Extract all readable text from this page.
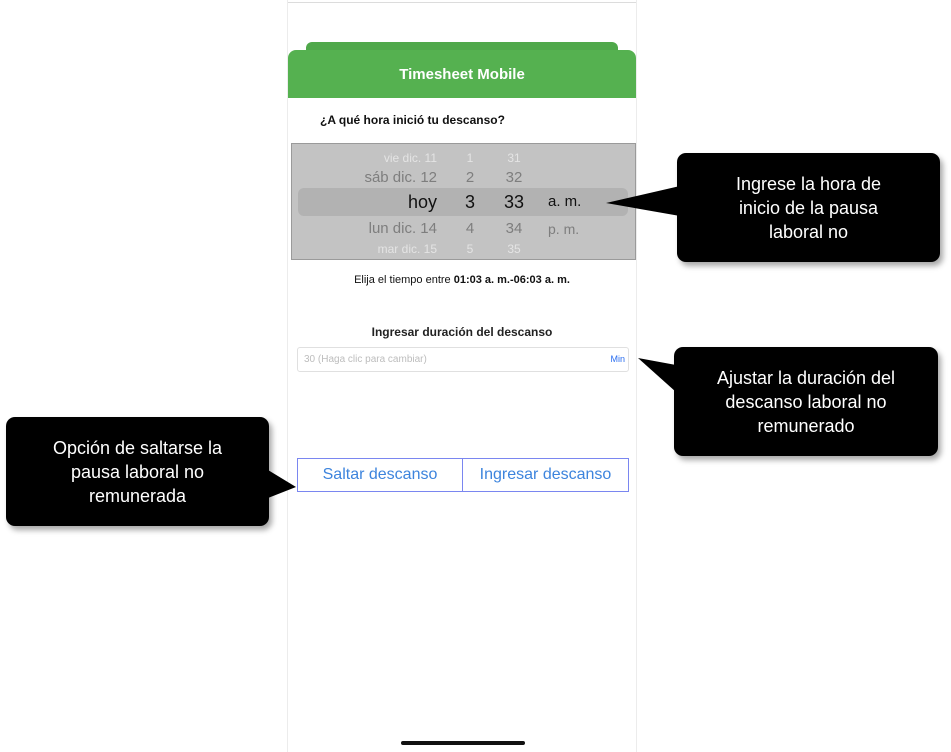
Timesheet Mobile
¿A qué hora inició tu descanso?
vie dic. 11	1	31
sáb dic. 12	2	32
hoy	3	33	a. m.
lun dic. 14	4	34	p. m.
mar dic. 15	5	35
Elija el tiempo entre 01:03 a. m.-06:03 a. m.
Ingresar duración del descanso
30 (Haga clic para cambiar)
Min
Saltar descanso	Ingresar descanso
Ingrese la hora de
inicio de la pausa
laboral no
Ajustar la duración del
descanso laboral no
remunerado
Opción de saltarse la
pausa laboral no
remunerada
